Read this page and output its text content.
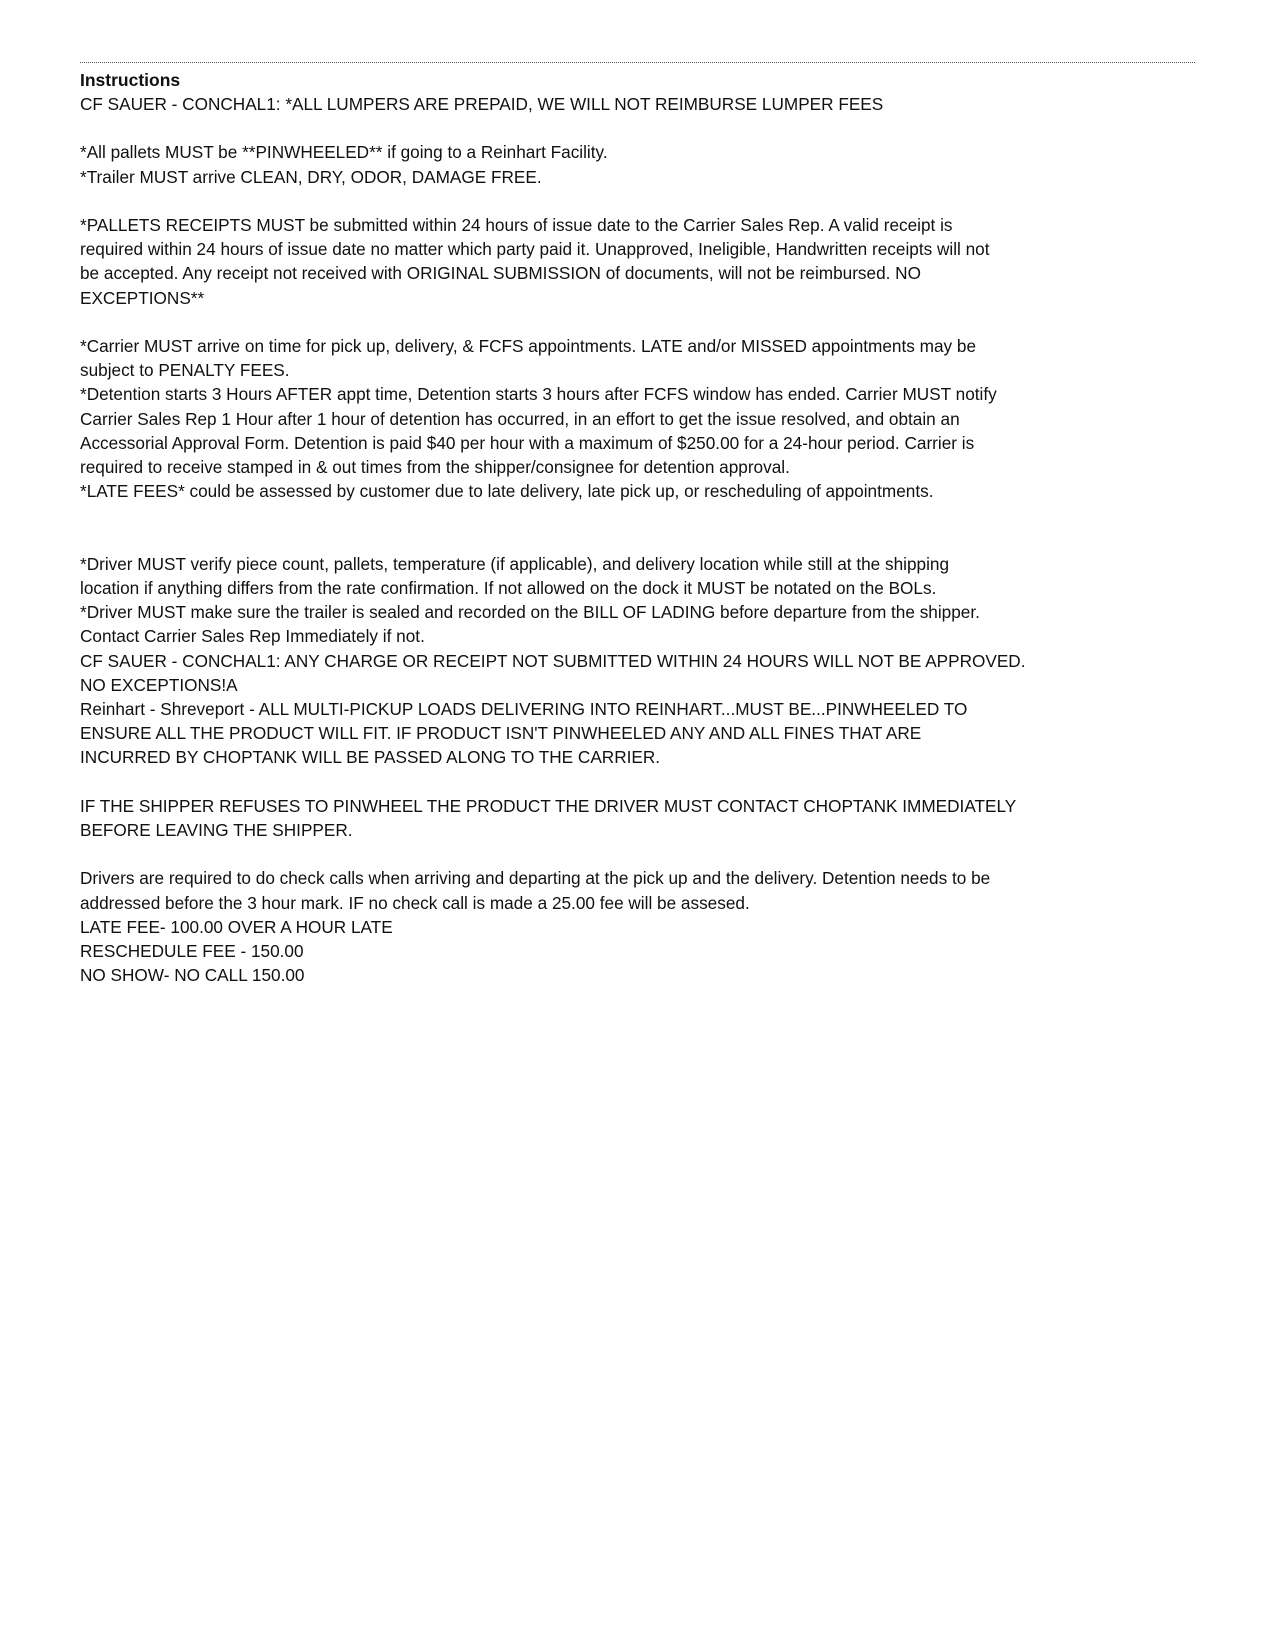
Instructions
CF SAUER - CONCHAL1: *ALL LUMPERS ARE PREPAID, WE WILL NOT REIMBURSE LUMPER FEES
*All pallets MUST be **PINWHEELED** if going to a Reinhart Facility.
*Trailer MUST arrive CLEAN, DRY, ODOR, DAMAGE FREE.
*PALLETS RECEIPTS MUST be submitted within 24 hours of issue date to the Carrier Sales Rep. A valid receipt is
required within 24 hours of issue date no matter which party paid it. Unapproved, Ineligible, Handwritten receipts will not
be accepted. Any receipt not received with ORIGINAL SUBMISSION of documents, will not be reimbursed. NO
EXCEPTIONS**
*Carrier MUST arrive on time for pick up, delivery, & FCFS appointments. LATE and/or MISSED appointments may be
subject to PENALTY FEES.
*Detention starts 3 Hours AFTER appt time, Detention starts 3 hours after FCFS window has ended. Carrier MUST notify
Carrier Sales Rep 1 Hour after 1 hour of detention has occurred, in an effort to get the issue resolved, and obtain an
Accessorial Approval Form. Detention is paid $40 per hour with a maximum of $250.00 for a 24-hour period. Carrier is
required to receive stamped in & out times from the shipper/consignee for detention approval.
*LATE FEES* could be assessed by customer due to late delivery, late pick up, or rescheduling of appointments.
*Driver MUST verify piece count, pallets, temperature (if applicable), and delivery location while still at the shipping
location if anything differs from the rate confirmation. If not allowed on the dock it MUST be notated on the BOLs.
*Driver MUST make sure the trailer is sealed and recorded on the BILL OF LADING before departure from the shipper.
Contact Carrier Sales Rep Immediately if not.
CF SAUER - CONCHAL1: ANY CHARGE OR RECEIPT NOT SUBMITTED WITHIN 24 HOURS WILL NOT BE APPROVED.
NO EXCEPTIONS!A
Reinhart - Shreveport - ALL MULTI-PICKUP LOADS DELIVERING INTO REINHART...MUST BE...PINWHEELED TO
ENSURE ALL THE PRODUCT WILL FIT. IF PRODUCT ISN'T PINWHEELED ANY AND ALL FINES THAT ARE
INCURRED BY CHOPTANK WILL BE PASSED ALONG TO THE CARRIER.
IF THE SHIPPER REFUSES TO PINWHEEL THE PRODUCT THE DRIVER MUST CONTACT CHOPTANK IMMEDIATELY
BEFORE LEAVING THE SHIPPER.
Drivers are required to do check calls when arriving and departing at the pick up and the delivery. Detention needs to be
addressed before the 3 hour mark. IF no check call is made a 25.00 fee will be assesed.
LATE FEE- 100.00 OVER A HOUR LATE
RESCHEDULE FEE - 150.00
NO SHOW- NO CALL 150.00
